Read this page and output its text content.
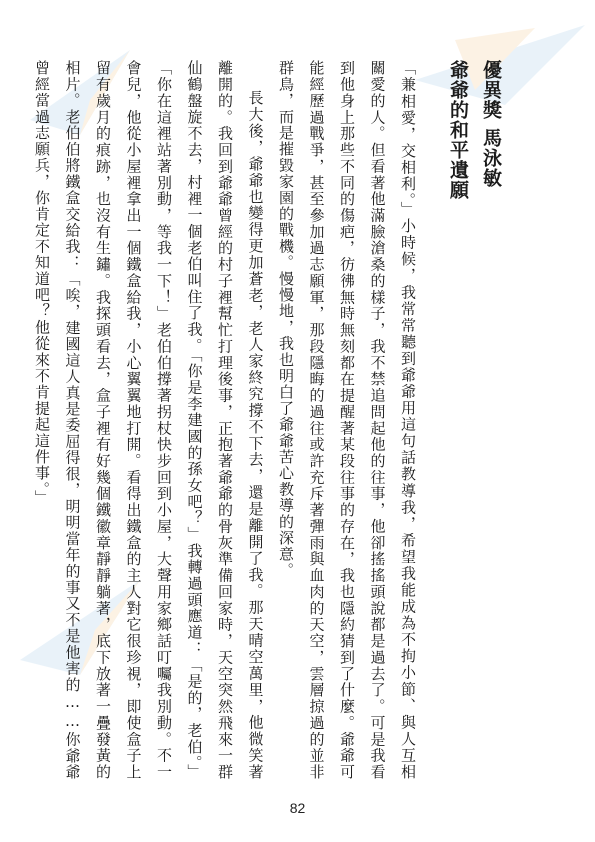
優異獎馬泳敏
爺爺的和平遺願

「兼相愛，交相利。」小時候，我常常聽到爺爺用這句話教導我，希望我能成為不拘小節、與人互相關愛的人。但看著他滿臉滄桑的樣子，我不禁追問起他的往事，他卻搖搖頭說都是過去了。可是我看到他身上那些不同的傷疤，彷彿無時無刻都在提醒著某段往事的存在，我也隱約猜到了什麼。爺爺可能經歷過戰爭，甚至參加過志願軍，那段隱晦的過往或許充斥著彈雨與血肉的天空，雲層掠過的並非群鳥，而是摧毀家園的戰機。慢慢地，我也明白了爺爺苦心教導的深意。

長大後，爺爺也變得更加蒼老，老人家終究撐不下去，還是離開了我。那天晴空萬里，他微笑著離開的。我回到爺爺曾經的村子裡幫忙打理後事，正抱著爺爺的骨灰準備回家時，天空突然飛來一群仙鶴盤旋不去，村裡一個老伯叫住了我。「你是李建國的孫女吧？」我轉過頭應道：「是的，老伯。」「你在這裡站著別動，等我一下！」老伯伯撐著拐杖快步回到小屋，大聲用家鄉話叮囑我別動。不一會兒，他從小屋裡拿出一個鐵盒給我，小心翼翼地打開。看得出鐵盒的主人對它很珍視，即使盒子上留有歲月的痕跡，也沒有生鏽。我探頭看去，盒子裡有好幾個鐵徽章靜靜躺著，底下放著一疊發黃的相片。老伯伯將鐵盒交給我：「唉，建國這人真是委屈得很，明明當年的事又不是他害的……你爺爺曾經當過志願兵，你肯定不知道吧？他從來不肯提起這件事。」

82
